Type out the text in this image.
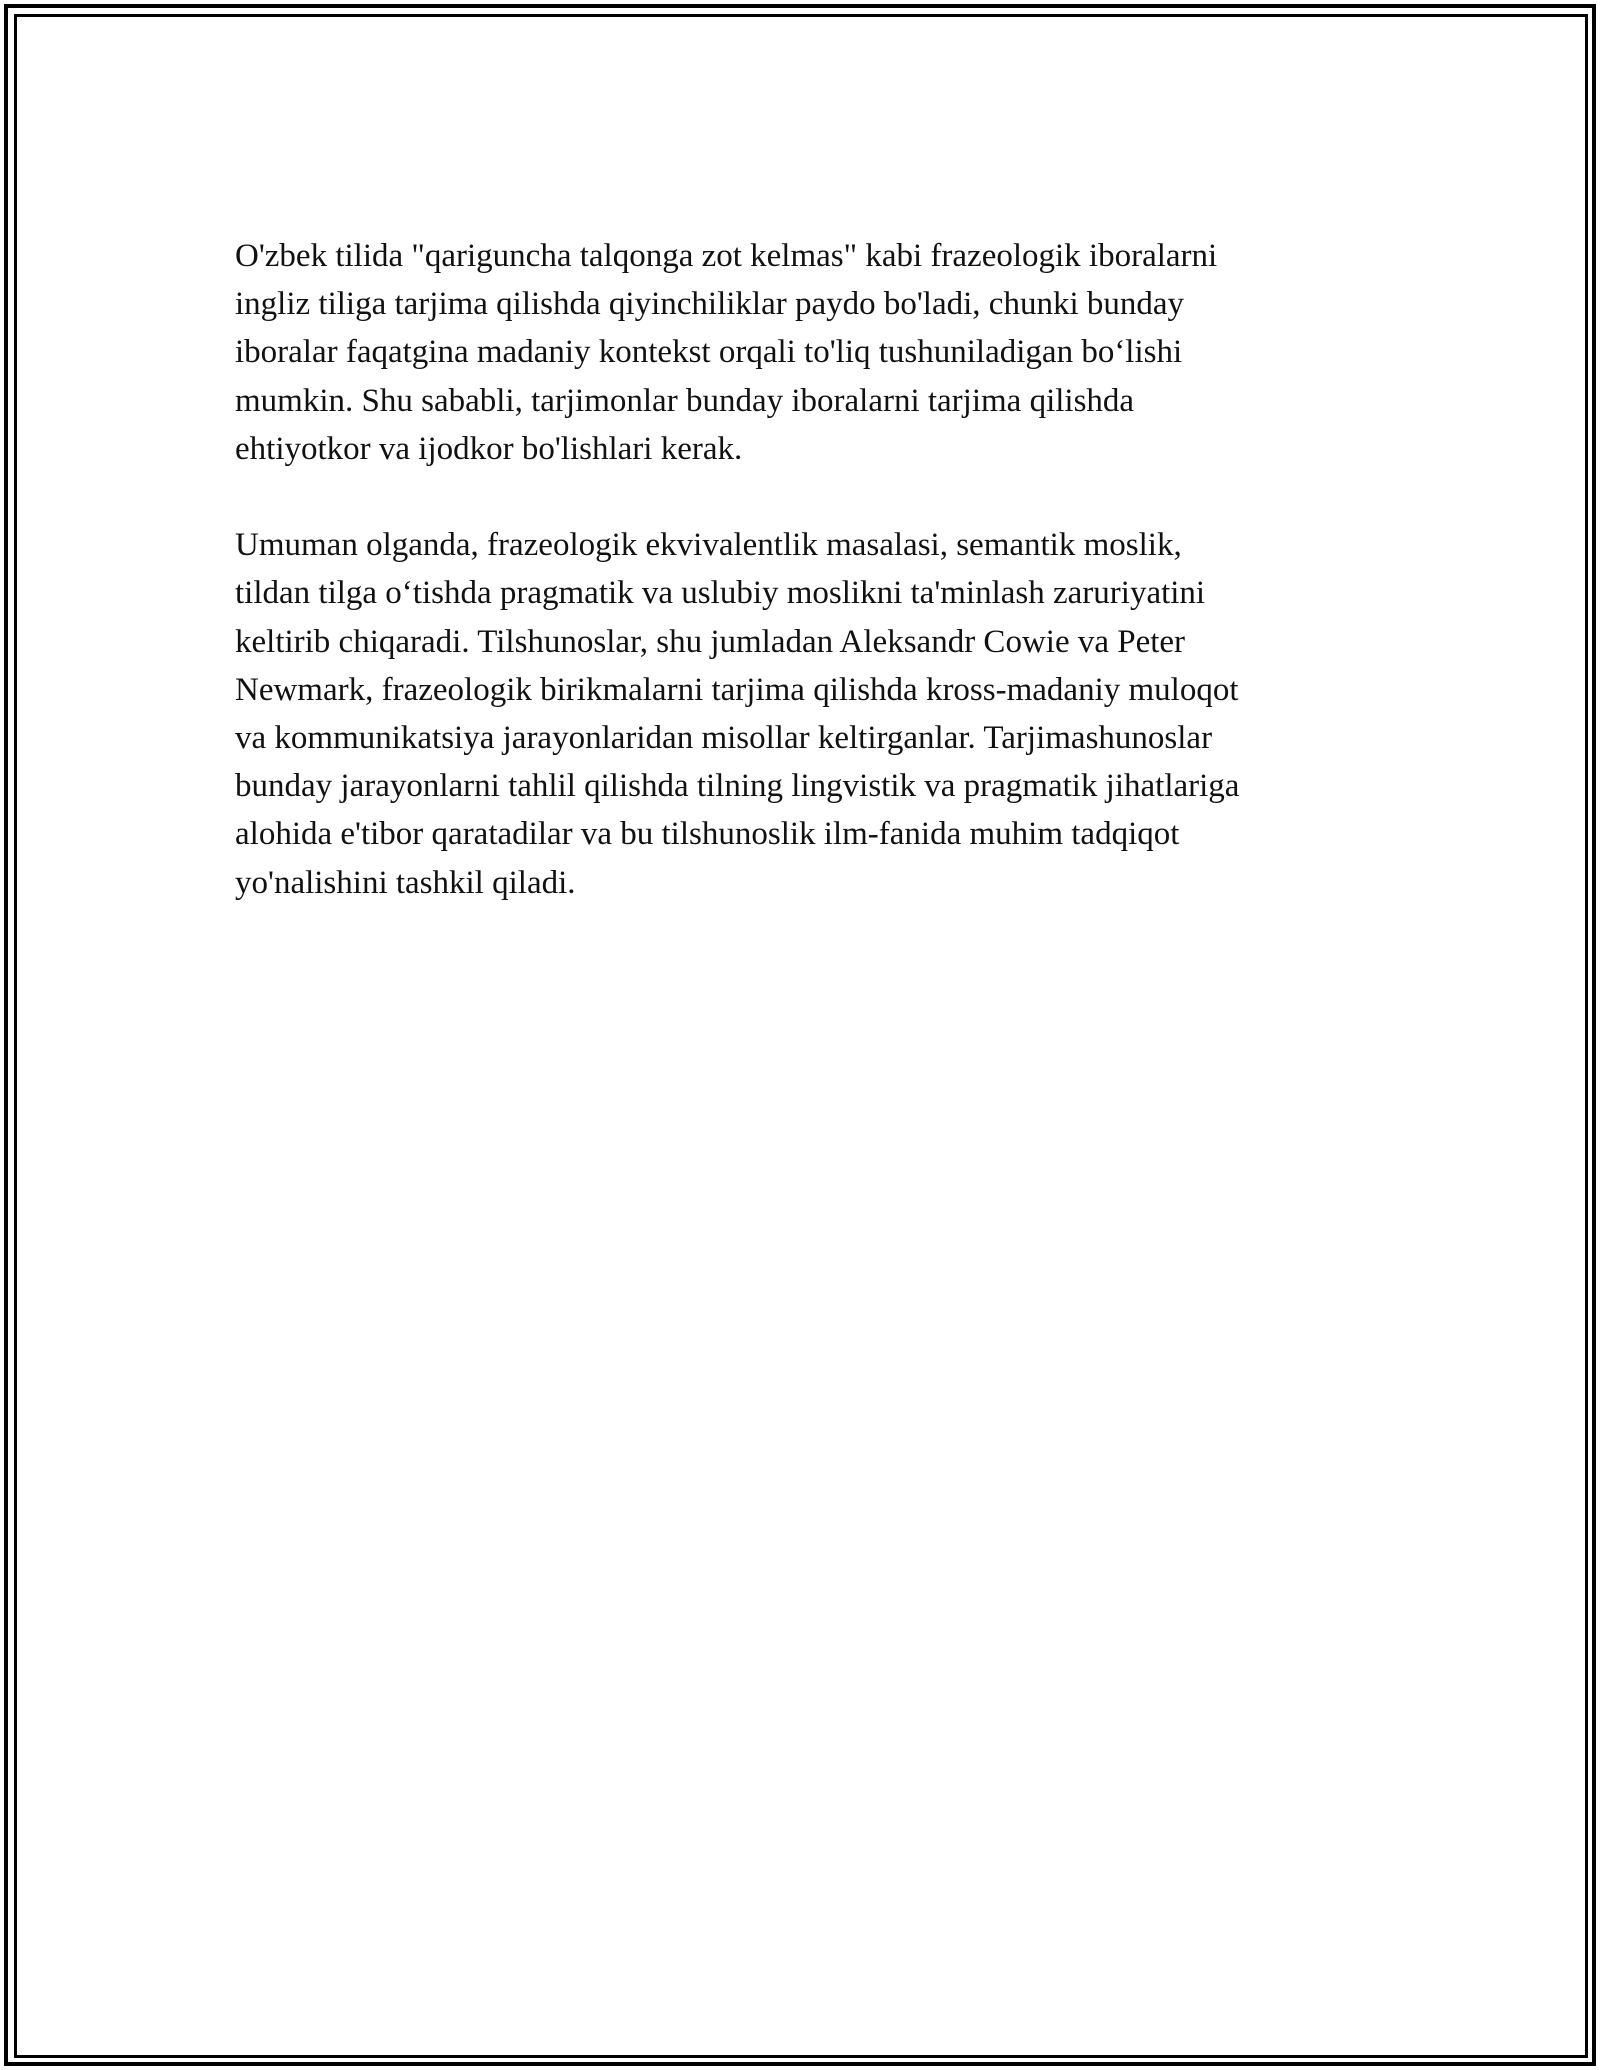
O'zbek tilida "qariguncha talqonga zot kelmas" kabi frazeologik iboralarni
ingliz tiliga tarjima qilishda qiyinchiliklar paydo bo'ladi, chunki bunday
iboralar faqatgina madaniy kontekst orqali to'liq tushuniladigan bo‘lishi
mumkin. Shu sababli, tarjimonlar bunday iboralarni tarjima qilishda
ehtiyotkor va ijodkor bo'lishlari kerak.

Umuman olganda, frazeologik ekvivalentlik masalasi, semantik moslik,
tildan tilga o‘tishda pragmatik va uslubiy moslikni ta'minlash zaruriyatini
keltirib chiqaradi. Tilshunoslar, shu jumladan Aleksandr Cowie va Peter
Newmark, frazeologik birikmalarni tarjima qilishda kross-madaniy muloqot
va kommunikatsiya jarayonlaridan misollar keltirganlar. Tarjimashunoslar
bunday jarayonlarni tahlil qilishda tilning lingvistik va pragmatik jihatlariga
alohida e'tibor qaratadilar va bu tilshunoslik ilm-fanida muhim tadqiqot
yo'nalishini tashkil qiladi.
